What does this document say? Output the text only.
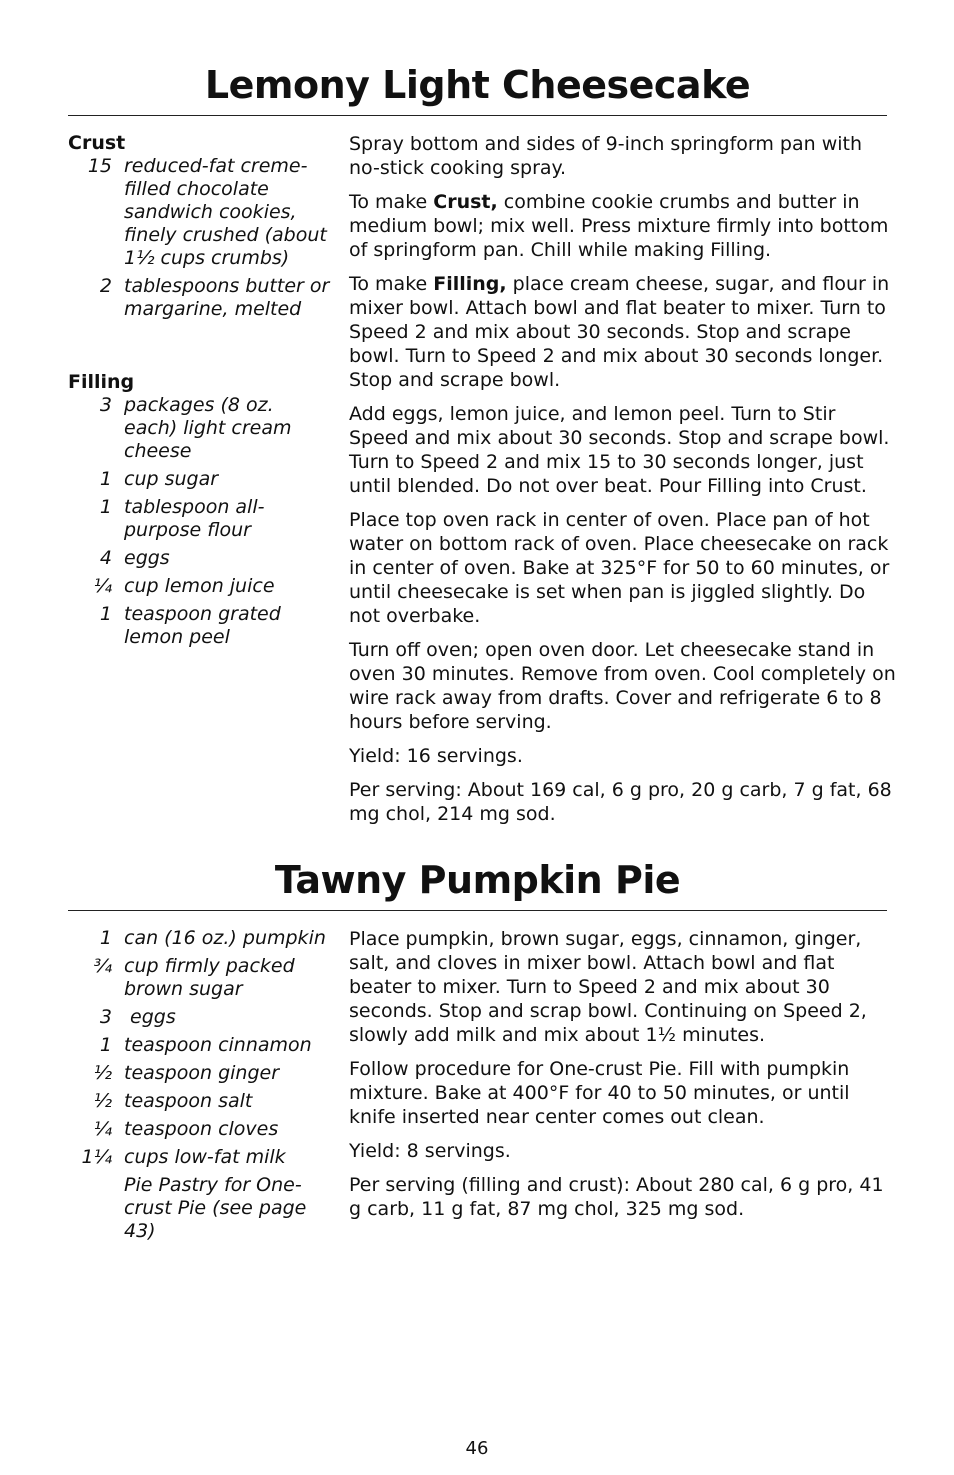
Lemony Light Cheesecake
Crust
15 reduced-fat creme-filled chocolate sandwich cookies, finely crushed (about 1½ cups crumbs)
2 tablespoons butter or margarine, melted
Filling
3 packages (8 oz. each) light cream cheese
1 cup sugar
1 tablespoon all-purpose flour
4 eggs
¼ cup lemon juice
1 teaspoon grated lemon peel

Spray bottom and sides of 9-inch springform pan with no-stick cooking spray.

To make Crust, combine cookie crumbs and butter in medium bowl; mix well. Press mixture firmly into bottom of springform pan. Chill while making Filling.

To make Filling, place cream cheese, sugar, and flour in mixer bowl. Attach bowl and flat beater to mixer. Turn to Speed 2 and mix about 30 seconds. Stop and scrape bowl. Turn to Speed 2 and mix about 30 seconds longer. Stop and scrape bowl.

Add eggs, lemon juice, and lemon peel. Turn to Stir Speed and mix about 30 seconds. Stop and scrape bowl. Turn to Speed 2 and mix 15 to 30 seconds longer, just until blended. Do not over beat. Pour Filling into Crust.

Place top oven rack in center of oven. Place pan of hot water on bottom rack of oven. Place cheesecake on rack in center of oven. Bake at 325°F for 50 to 60 minutes, or until cheesecake is set when pan is jiggled slightly. Do not overbake.

Turn off oven; open oven door. Let cheesecake stand in oven 30 minutes. Remove from oven. Cool completely on wire rack away from drafts. Cover and refrigerate 6 to 8 hours before serving.

Yield: 16 servings.

Per serving: About 169 cal, 6 g pro, 20 g carb, 7 g fat, 68 mg chol, 214 mg sod.

Tawny Pumpkin Pie
1 can (16 oz.) pumpkin
¾ cup firmly packed brown sugar
3 eggs
1 teaspoon cinnamon
½ teaspoon ginger
½ teaspoon salt
¼ teaspoon cloves
1¼ cups low-fat milk
Pie Pastry for One-crust Pie (see page 43)

Place pumpkin, brown sugar, eggs, cinnamon, ginger, salt, and cloves in mixer bowl. Attach bowl and flat beater to mixer. Turn to Speed 2 and mix about 30 seconds. Stop and scrap bowl. Continuing on Speed 2, slowly add milk and mix about 1½ minutes.

Follow procedure for One-crust Pie. Fill with pumpkin mixture. Bake at 400°F for 40 to 50 minutes, or until knife inserted near center comes out clean.

Yield: 8 servings.

Per serving (filling and crust): About 280 cal, 6 g pro, 41 g carb, 11 g fat, 87 mg chol, 325 mg sod.

46
